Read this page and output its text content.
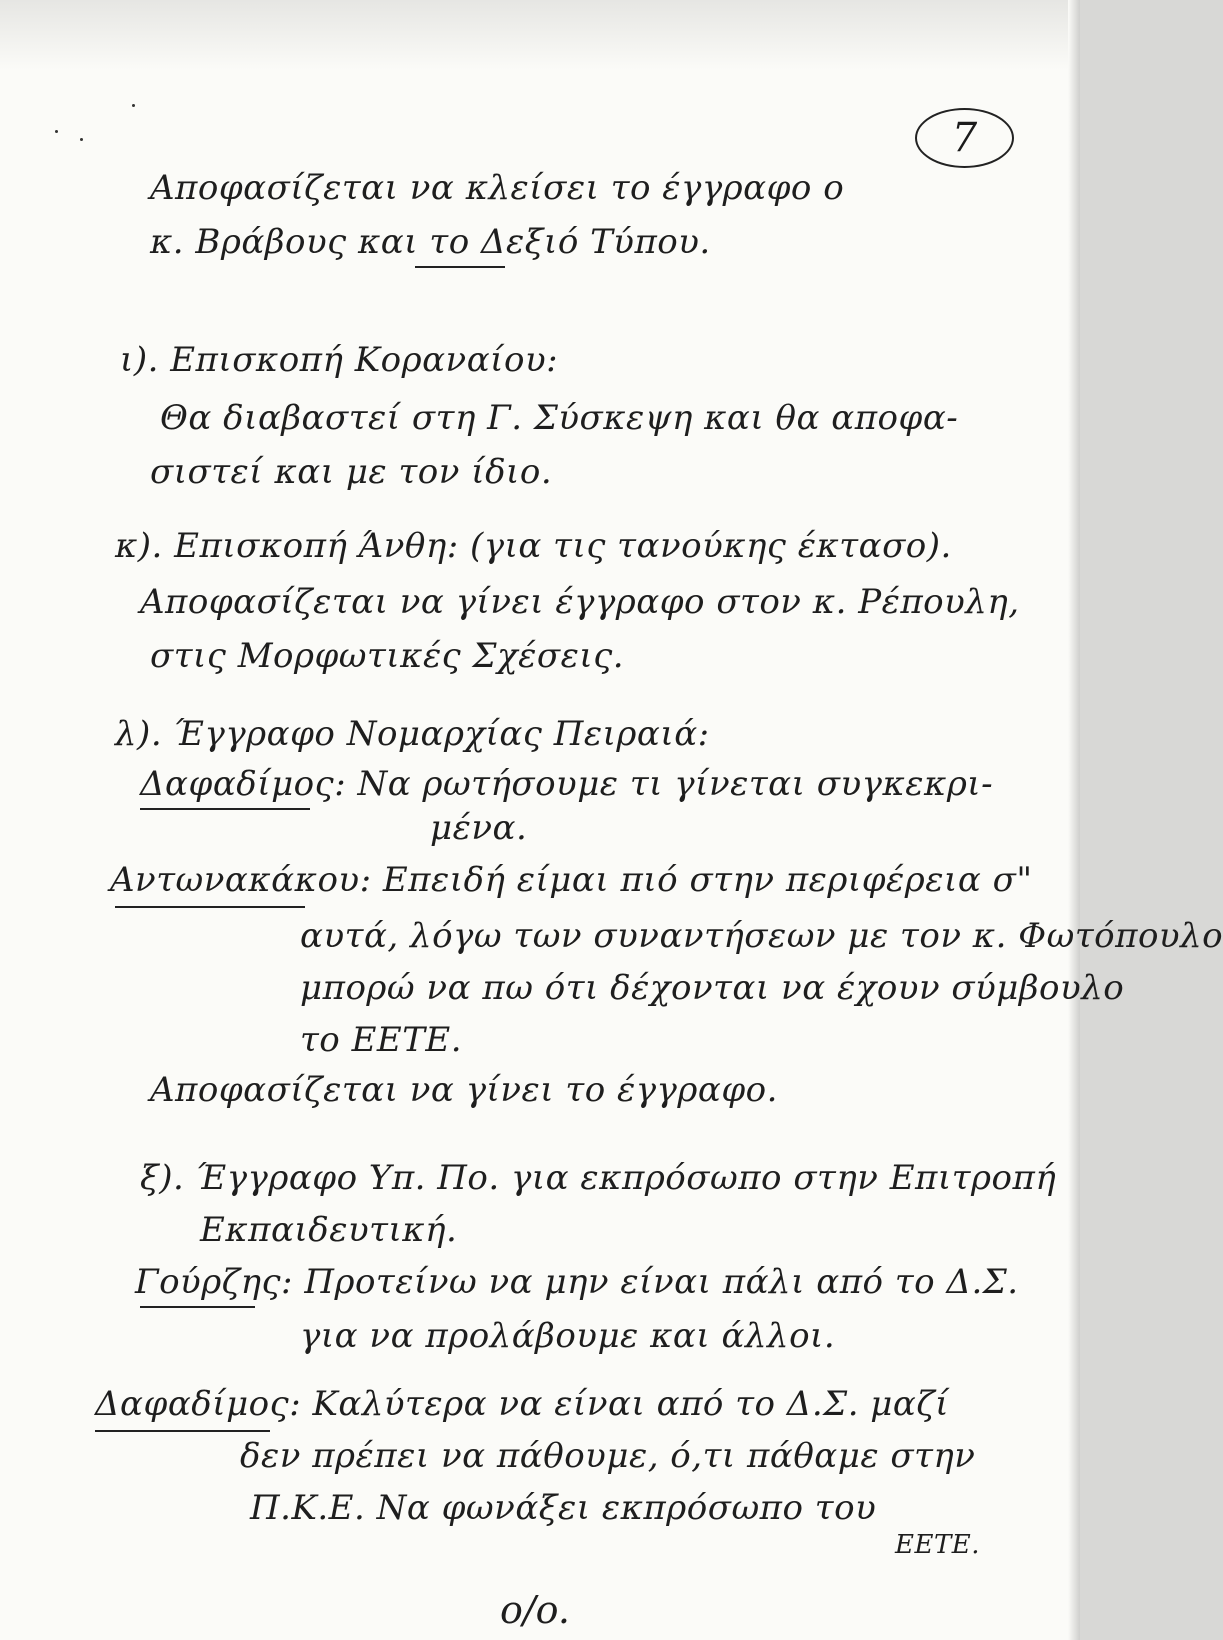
7
Αποφασίζεται να κλείσει το έγγραφο ο
κ. Βράβους και το Δεξιό Τύπου.
ι). Επισκοπή Κοραναίου:
Θα διαβαστεί στη Γ. Σύσκεψη και θα αποφα-
σιστεί και με τον ίδιο.
κ). Επισκοπή Άνθη: (για τις τανούκης έκτασο).
Αποφασίζεται να γίνει έγγραφο στον κ. Ρέπουλη,
στις Μορφωτικές Σχέσεις.
λ). Έγγραφο Νομαρχίας Πειραιά:
Δαφαδίμος: Να ρωτήσουμε τι γίνεται συγκεκρι-
μένα.
Αντωνακάκου: Επειδή είμαι πιό στην περιφέρεια σ"
αυτά, λόγω των συναντήσεων με τον κ. Φωτόπουλο
μπορώ να πω ότι δέχονται να έχουν σύμβουλο
το ΕΕΤΕ.
Αποφασίζεται να γίνει το έγγραφο.
ξ). Έγγραφο Υπ. Πο. για εκπρόσωπο στην Επιτροπή
Εκπαιδευτική.
Γούρζης: Προτείνω να μην είναι πάλι από το Δ.Σ.
για να προλάβουμε και άλλοι.
Δαφαδίμος: Καλύτερα να είναι από το Δ.Σ. μαζί
δεν πρέπει να πάθουμε, ό,τι πάθαμε στην
Π.Κ.Ε. Να φωνάξει εκπρόσωπο του
ΕΕΤΕ.
o/o.
